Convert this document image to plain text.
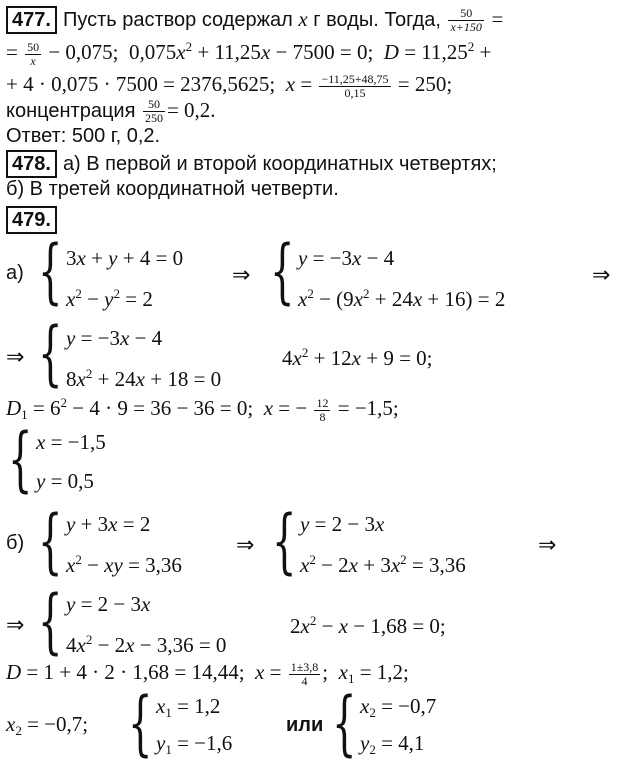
477. Пусть раствор содержал x г воды. Тогда, $\frac{50}{x+150}$ =
= $\frac{50}{x} - 0,075$;  $0,075x^2 + 11,25x - 7500 = 0$;  $D = 11,25^2$ +
+ 4 · 0,075 · 7500 = 2376,5625;  $x = \frac{-11,25+48,75}{0,15} = 250$;
концентрация $\frac{50}{250} = 0,2$.
Ответ: 500 г, 0,2.
478. а) В первой и второй координатных четвертях;
б) В третей координатной четверти.
479.
а) { 3x + y + 4 = 0
$x^2 - y^2 = 2$
⇒ { y = −3x − 4
$x^2 - (9x^2 + 24x + 16) = 2$
⇒
⇒ { y = −3x − 4
$8x^2 + 24x + 18 = 0$
$4x^2 + 12x + 9 = 0$;
$D_1 = 6^2 - 4 \cdot 9 = 36 - 36 = 0$;  x = − $\frac{12}{8} = -1,5$;
{ x = −1,5
y = 0,5
б) { y + 3x = 2
$x^2$ − xy = 3,36
⇒ { y = 2 − 3x
$x^2 - 2x + 3x^2 = 3,36$
⇒
⇒ { y = 2 − 3x
$4x^2 - 2x - 3,36 = 0$
$2x^2 - x - 1,68 = 0$;
D = 1 + 4 · 2 · 1,68 = 14,44;  $x = \frac{1\pm 3,8}{4}$ ;  $x_1 = 1,2$;
$x_2 = -0,7$; { $x_1 = 1,2$
$y_1 = -1,6$
или { $x_2 = -0,7$
$y_2 = 4,1$
